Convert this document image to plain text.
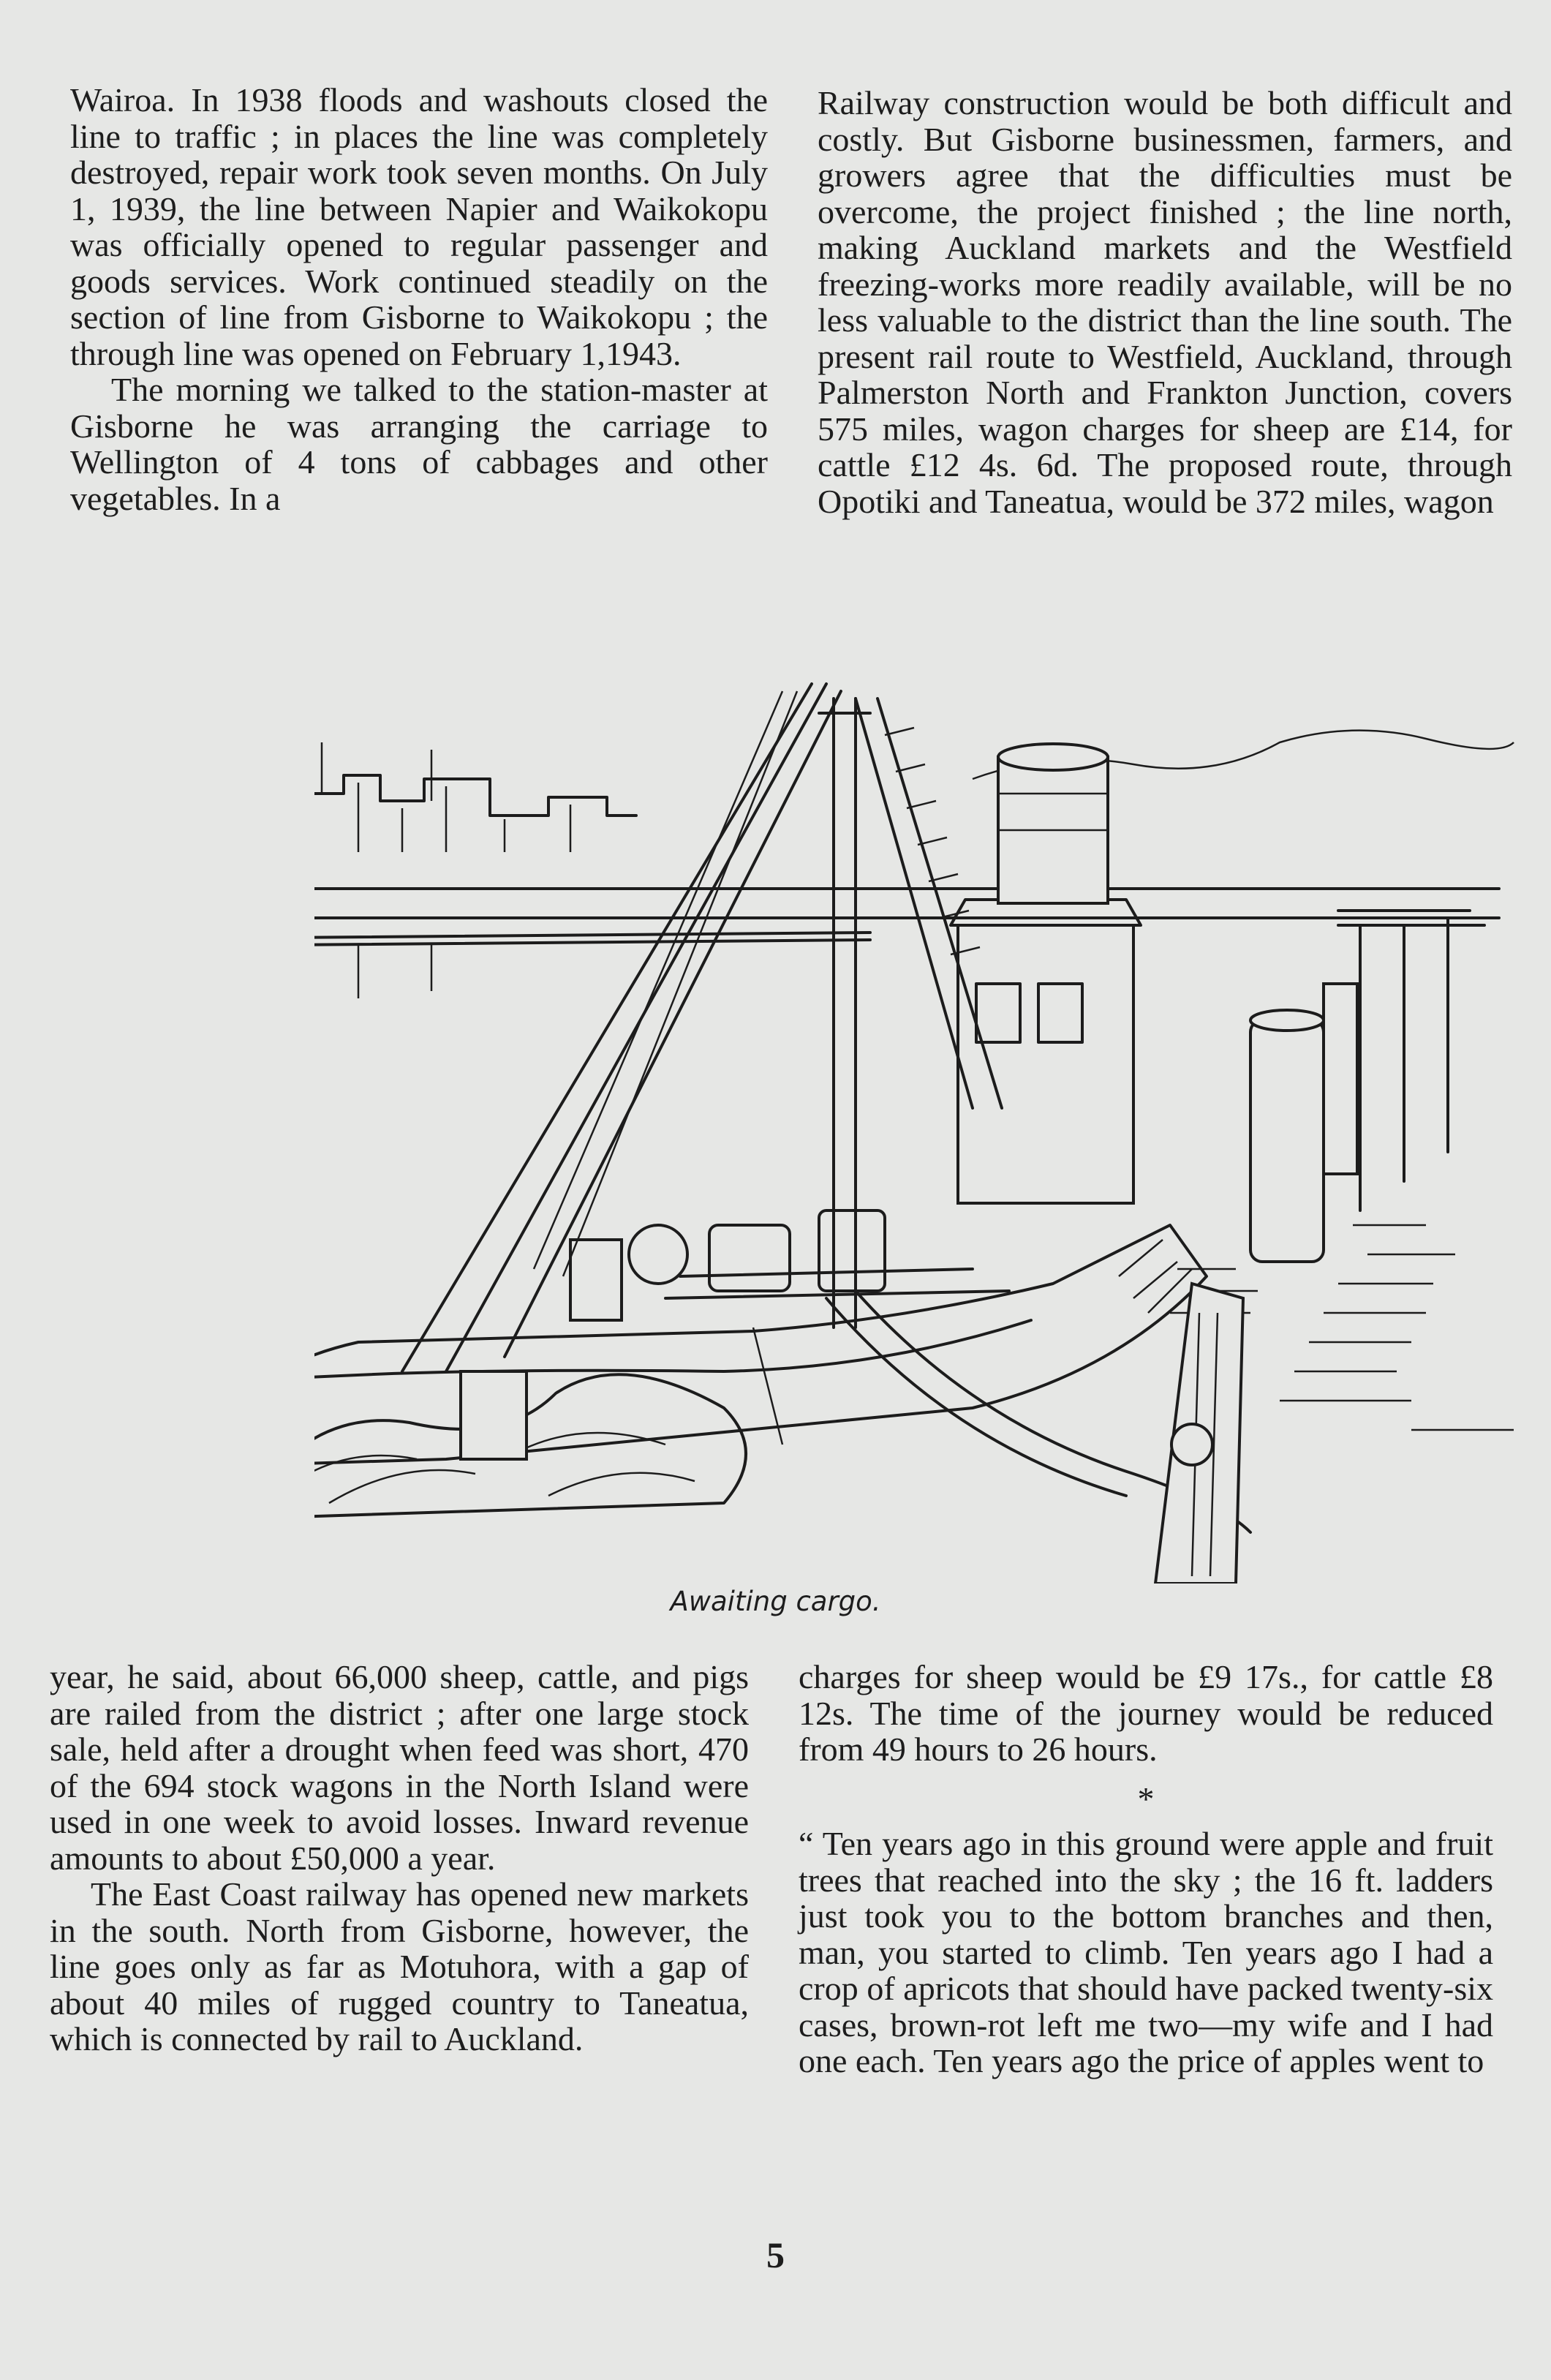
Wairoa. In 1938 floods and washouts closed the line to traffic ; in places the line was completely destroyed, repair work took seven months. On July 1, 1939, the line between Napier and Waikokopu was officially opened to regular passenger and goods services. Work continued steadily on the section of line from Gisborne to Waikokopu ; the through line was opened on February 1,1943.

The morning we talked to the station-master at Gisborne he was arranging the carriage to Wellington of 4 tons of cabbages and other vegetables. In a

Railway construction would be both difficult and costly. But Gisborne businessmen, farmers, and growers agree that the difficulties must be overcome, the project finished ; the line north, making Auckland markets and the Westfield freezing-works more readily available, will be no less valuable to the district than the line south. The present rail route to Westfield, Auckland, through Palmerston North and Frankton Junction, covers 575 miles, wagon charges for sheep are £14, for cattle £12 4s. 6d. The proposed route, through Opotiki and Taneatua, would be 372 miles, wagon

Awaiting cargo.

year, he said, about 66,000 sheep, cattle, and pigs are railed from the district ; after one large stock sale, held after a drought when feed was short, 470 of the 694 stock wagons in the North Island were used in one week to avoid losses. Inward revenue amounts to about £50,000 a year.

The East Coast railway has opened new markets in the south. North from Gisborne, however, the line goes only as far as Motuhora, with a gap of about 40 miles of rugged country to Taneatua, which is connected by rail to Auckland.

charges for sheep would be £9 17s., for cattle £8 12s. The time of the journey would be reduced from 49 hours to 26 hours.

*

“ Ten years ago in this ground were apple and fruit trees that reached into the sky ; the 16 ft. ladders just took you to the bottom branches and then, man, you started to climb. Ten years ago I had a crop of apricots that should have packed twenty-six cases, brown-rot left me two—my wife and I had one each. Ten years ago the price of apples went to

5
